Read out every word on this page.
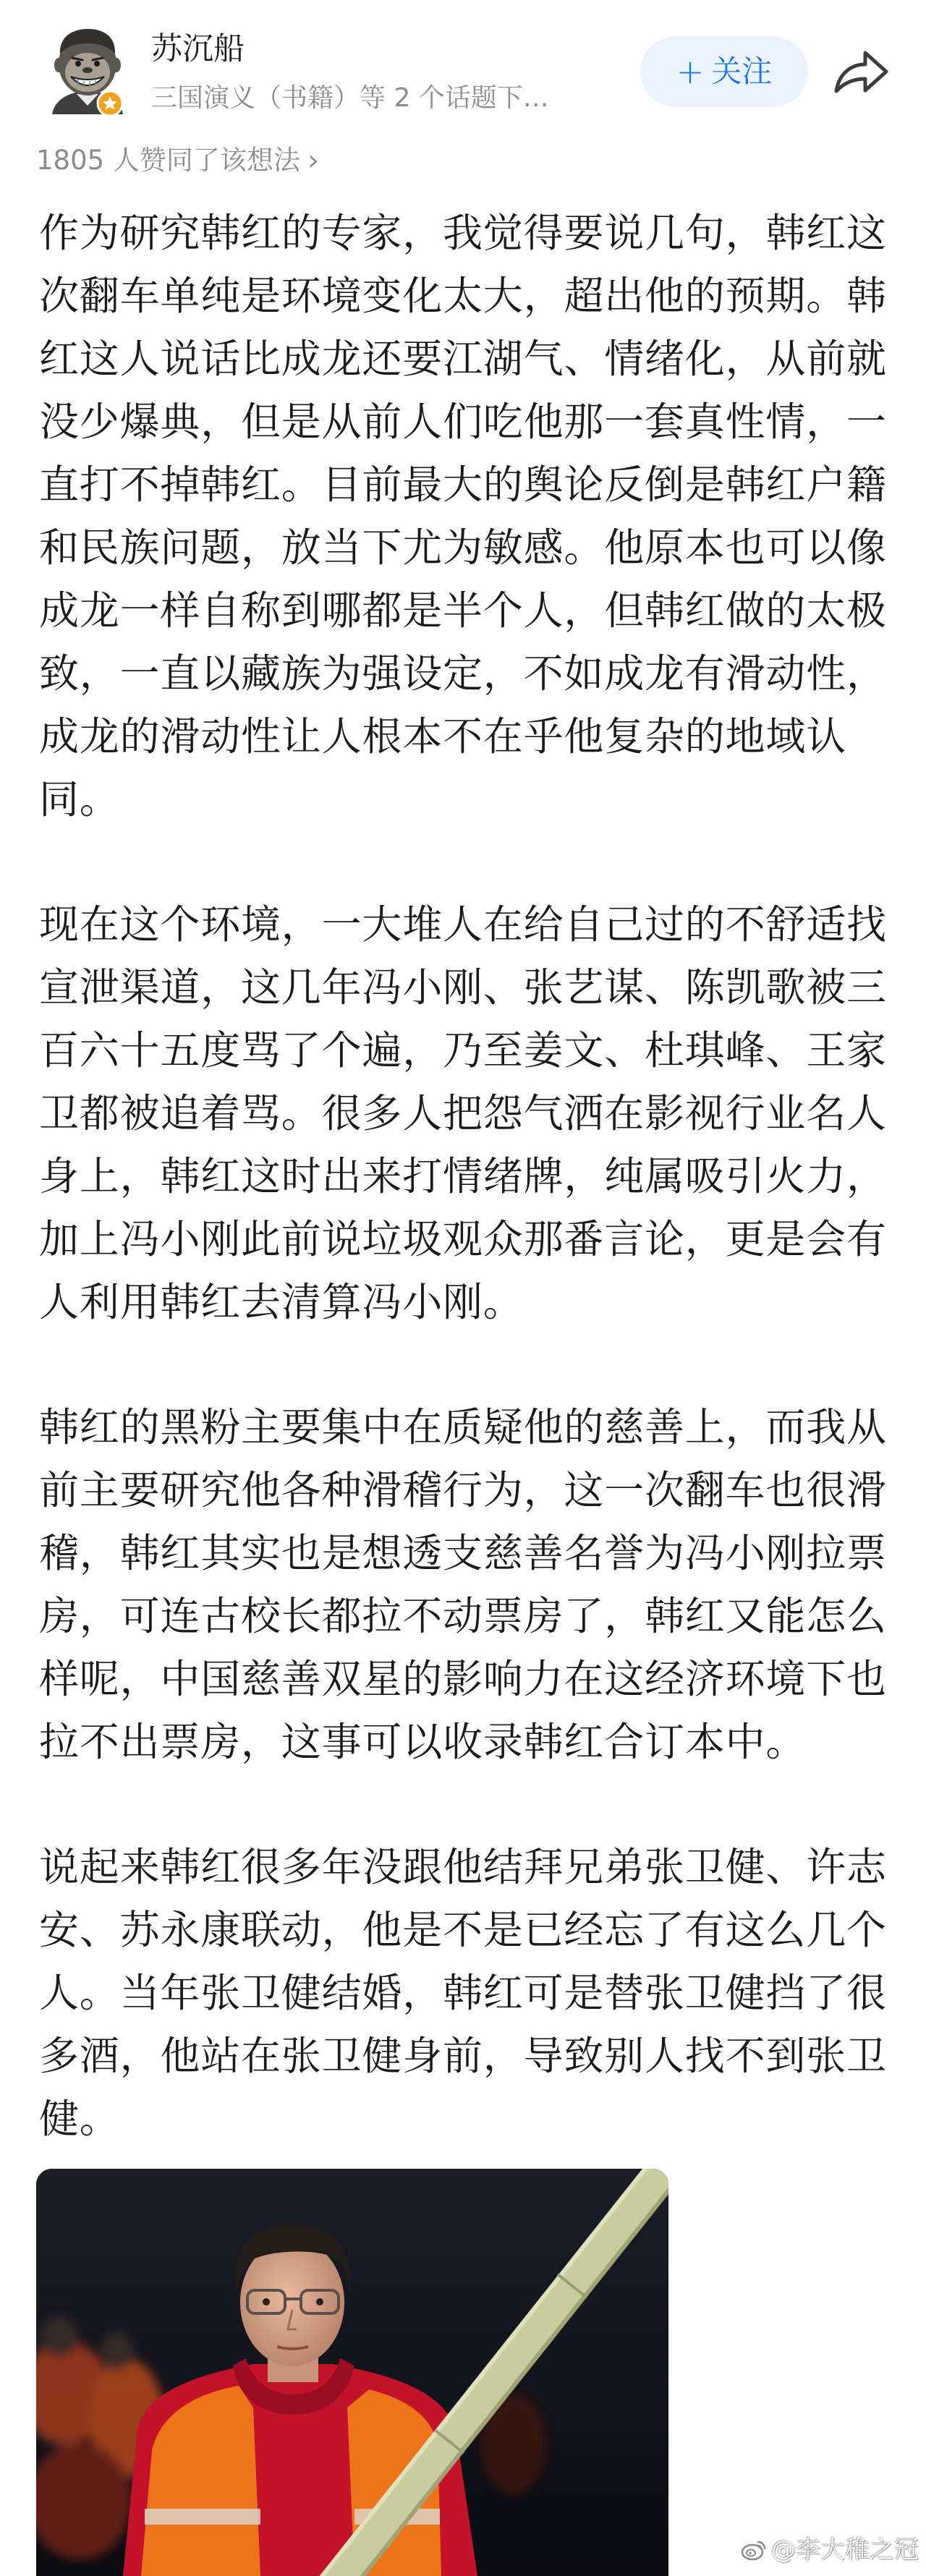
苏沉船
三国演义（书籍）等 2 个话题下…
+ 关注
1805 人赞同了该想法 ›

作为研究韩红的专家，我觉得要说几句，韩红这次翻车单纯是环境变化太大，超出他的预期。韩红这人说话比成龙还要江湖气、情绪化，从前就没少爆典，但是从前人们吃他那一套真性情，一直打不掉韩红。目前最大的舆论反倒是韩红户籍和民族问题，放当下尤为敏感。他原本也可以像成龙一样自称到哪都是半个人，但韩红做的太极致，一直以藏族为强设定，不如成龙有滑动性，成龙的滑动性让人根本不在乎他复杂的地域认同。

现在这个环境，一大堆人在给自己过的不舒适找宣泄渠道，这几年冯小刚、张艺谋、陈凯歌被三百六十五度骂了个遍，乃至姜文、杜琪峰、王家卫都被追着骂。很多人把怨气洒在影视行业名人身上，韩红这时出来打情绪牌，纯属吸引火力，加上冯小刚此前说垃圾观众那番言论，更是会有人利用韩红去清算冯小刚。

韩红的黑粉主要集中在质疑他的慈善上，而我从前主要研究他各种滑稽行为，这一次翻车也很滑稽，韩红其实也是想透支慈善名誉为冯小刚拉票房，可连古校长都拉不动票房了，韩红又能怎么样呢，中国慈善双星的影响力在这经济环境下也拉不出票房，这事可以收录韩红合订本中。

说起来韩红很多年没跟他结拜兄弟张卫健、许志安、苏永康联动，他是不是已经忘了有这么几个人。当年张卫健结婚，韩红可是替张卫健挡了很多酒，他站在张卫健身前，导致别人找不到张卫健。

@李大稚之冠
